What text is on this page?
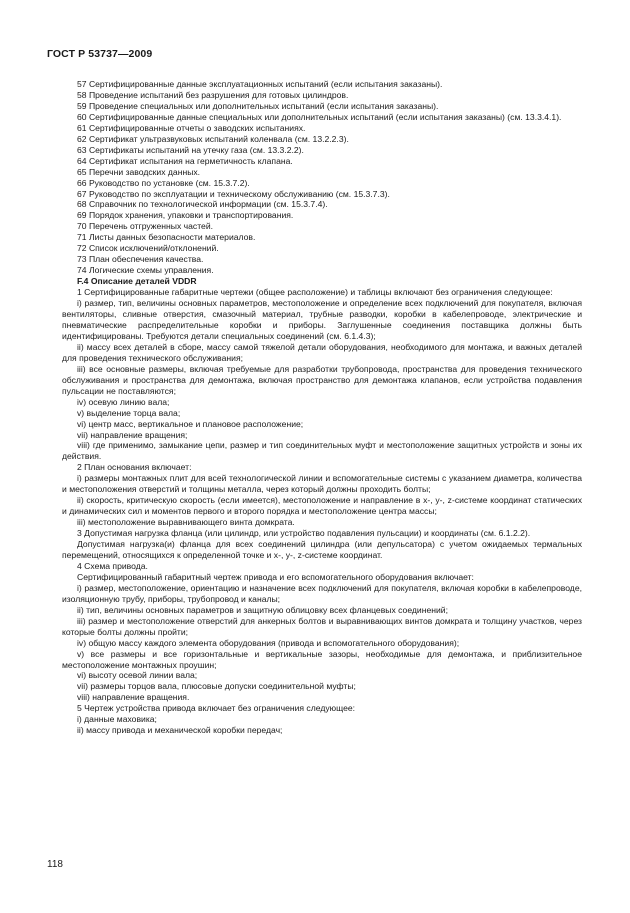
ГОСТ Р 53737—2009

57 Сертифицированные данные эксплуатационных испытаний (если испытания заказаны).

58 Проведение испытаний без разрушения для готовых цилиндров.

59 Проведение специальных или дополнительных испытаний (если испытания заказаны).

60 Сертифицированные данные специальных или дополнительных испытаний (если испытания заказаны) (см. 13.3.4.1).

61 Сертифицированные отчеты о заводских испытаниях.

62 Сертификат ультразвуковых испытаний коленвала (см. 13.2.2.3).

63 Сертификаты испытаний на утечку газа (см. 13.3.2.2).

64 Сертификат испытания на герметичность клапана.

65 Перечни заводских данных.

66 Руководство по установке (см. 15.3.7.2).

67 Руководство по эксплуатации и техническому обслуживанию (см. 15.3.7.3).

68 Справочник по технологической информации (см. 15.3.7.4).

69 Порядок хранения, упаковки и транспортирования.

70 Перечень отгруженных частей.

71 Листы данных безопасности материалов.

72 Список исключений/отклонений.

73 План обеспечения качества.

74 Логические схемы управления.

F.4 Описание деталей VDDR

1 Сертифицированные габаритные чертежи (общее расположение) и таблицы включают без ограничения следующее:

i) размер, тип, величины основных параметров, местоположение и определение всех подключений для покупателя, включая вентиляторы, сливные отверстия, смазочный материал, трубные разводки, коробки в кабелепроводе, электрические и пневматические распределительные коробки и приборы. Заглушенные соединения поставщика должны быть идентифицированы. Требуются детали специальных соединений (см. 6.1.4.3);

ii) массу всех деталей в сборе, массу самой тяжелой детали оборудования, необходимого для монтажа, и важных деталей для проведения технического обслуживания;

iii) все основные размеры, включая требуемые для разработки трубопровода, пространства для проведения технического обслуживания и пространства для демонтажа, включая пространство для демонтажа клапанов, если устройства подавления пульсации не поставляются;

iv) осевую линию вала;

v) выделение торца вала;

vi) центр масс, вертикальное и плановое расположение;

vii) направление вращения;

viii) где применимо, замыкание цепи, размер и тип соединительных муфт и местоположение защитных устройств и зоны их действия.

2 План основания включает:

i) размеры монтажных плит для всей технологической линии и вспомогательные системы с указанием диаметра, количества и местоположения отверстий и толщины металла, через который должны проходить болты;

ii) скорость, критическую скорость (если имеется), местоположение и направление в x-, y-, z-системе координат статических и динамических сил и моментов первого и второго порядка и местоположение центра массы;

iii) местоположение выравнивающего винта домкрата.

3 Допустимая нагрузка фланца (или цилиндр, или устройство подавления пульсации) и координаты (см. 6.1.2.2).

Допустимая нагрузка(и) фланца для всех соединений цилиндра (или депульсатора) с учетом ожидаемых термальных перемещений, относящихся к определенной точке и x-, y-, z-системе координат.

4 Схема привода.

Сертифицированный габаритный чертеж привода и его вспомогательного оборудования включает:

i) размер, местоположение, ориентацию и назначение всех подключений для покупателя, включая коробки в кабелепроводе, изоляционную трубу, приборы, трубопровод и каналы;

ii) тип, величины основных параметров и защитную облицовку всех фланцевых соединений;

iii) размер и местоположение отверстий для анкерных болтов и выравнивающих винтов домкрата и толщину участков, через которые болты должны пройти;

iv) общую массу каждого элемента оборудования (привода и вспомогательного оборудования);

v) все размеры и все горизонтальные и вертикальные зазоры, необходимые для демонтажа, и приблизительное местоположение монтажных проушин;

vi) высоту осевой линии вала;

vii) размеры торцов вала, плюсовые допуски соединительной муфты;

viii) направление вращения.

5 Чертеж устройства привода включает без ограничения следующее:

i) данные маховика;

ii) массу привода и механической коробки передач;

118
